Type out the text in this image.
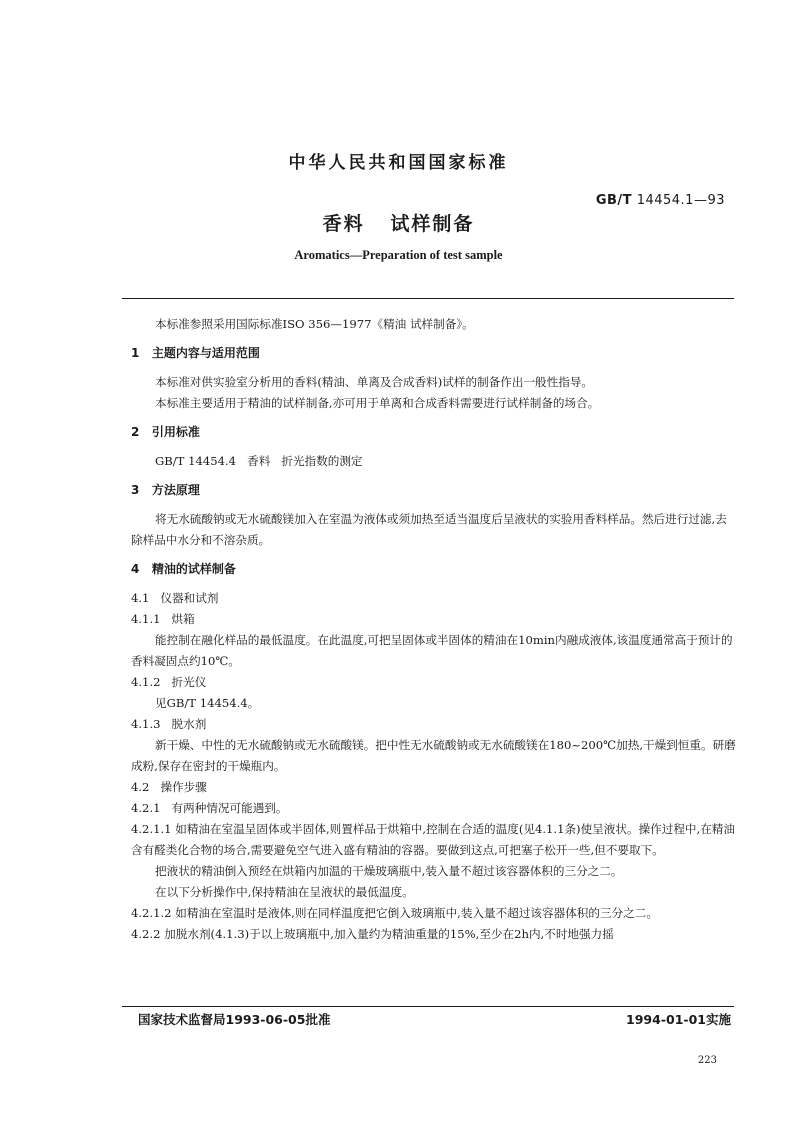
中华人民共和国国家标准
GB/T 14454.1—93
香料   试样制备
Aromatics—Preparation of test sample

本标准参照采用国际标准ISO 356—1977《精油 试样制备》。

1   主题内容与适用范围

本标准对供实验室分析用的香料(精油、单离及合成香料)试样的制备作出一般性指导。

本标准主要适用于精油的试样制备,亦可用于单离和合成香料需要进行试样制备的场合。

2   引用标准

GB/T 14454.4   香料   折光指数的测定

3   方法原理

将无水硫酸钠或无水硫酸镁加入在室温为液体或须加热至适当温度后呈液状的实验用香料样品。然后进行过滤,去除样品中水分和不溶杂质。

4   精油的试样制备

4.1   仪器和试剂

4.1.1   烘箱

能控制在融化样品的最低温度。在此温度,可把呈固体或半固体的精油在10min内融成液体,该温度通常高于预计的香料凝固点约10℃。

4.1.2   折光仪

见GB/T 14454.4。

4.1.3   脱水剂

新干燥、中性的无水硫酸钠或无水硫酸镁。把中性无水硫酸钠或无水硫酸镁在180~200℃加热,干燥到恒重。研磨成粉,保存在密封的干燥瓶内。

4.2   操作步骤

4.2.1   有两种情况可能遇到。

4.2.1.1 如精油在室温呈固体或半固体,则置样品于烘箱中,控制在合适的温度(见4.1.1条)使呈液状。操作过程中,在精油含有醛类化合物的场合,需要避免空气进入盛有精油的容器。要做到这点,可把塞子松开一些,但不要取下。

把液状的精油倒入预经在烘箱内加温的干燥玻璃瓶中,装入量不超过该容器体积的三分之二。

在以下分析操作中,保持精油在呈液状的最低温度。

4.2.1.2 如精油在室温时是液体,则在同样温度把它倒入玻璃瓶中,装入量不超过该容器体积的三分之二。

4.2.2 加脱水剂(4.1.3)于以上玻璃瓶中,加入量约为精油重量的15%,至少在2h内,不时地强力摇

国家技术监督局1993-06-05批准	1994-01-01实施
223
